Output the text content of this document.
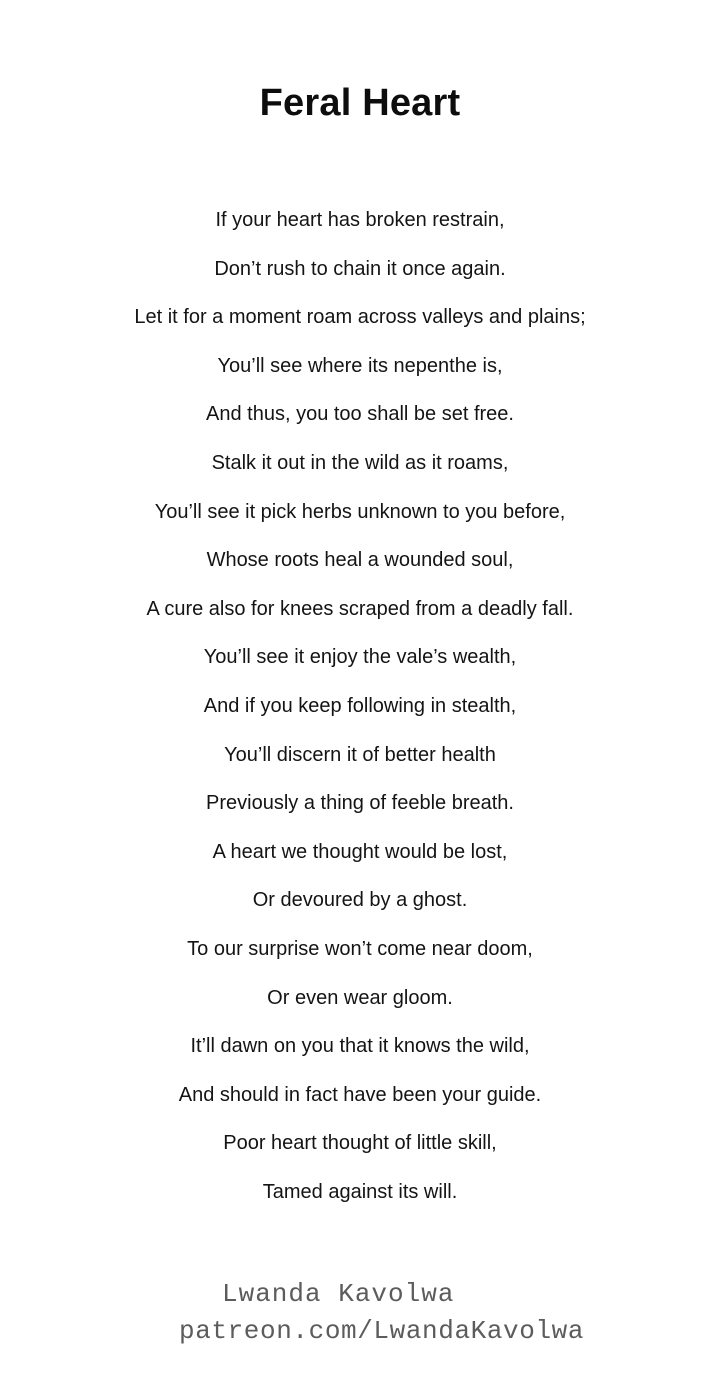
Feral Heart
If your heart has broken restrain,
Don’t rush to chain it once again.
Let it for a moment roam across valleys and plains;
You’ll see where its nepenthe is,
And thus, you too shall be set free.
Stalk it out in the wild as it roams,
You’ll see it pick herbs unknown to you before,
Whose roots heal a wounded soul,
A cure also for knees scraped from a deadly fall.
You’ll see it enjoy the vale’s wealth,
And if you keep following in stealth,
You’ll discern it of better health
Previously a thing of feeble breath.
A heart we thought would be lost,
Or devoured by a ghost.
To our surprise won’t come near doom,
Or even wear gloom.
It’ll dawn on you that it knows the wild,
And should in fact have been your guide.
Poor heart thought of little skill,
Tamed against its will.
Lwanda Kavolwa
patreon.com/LwandaKavolwa
